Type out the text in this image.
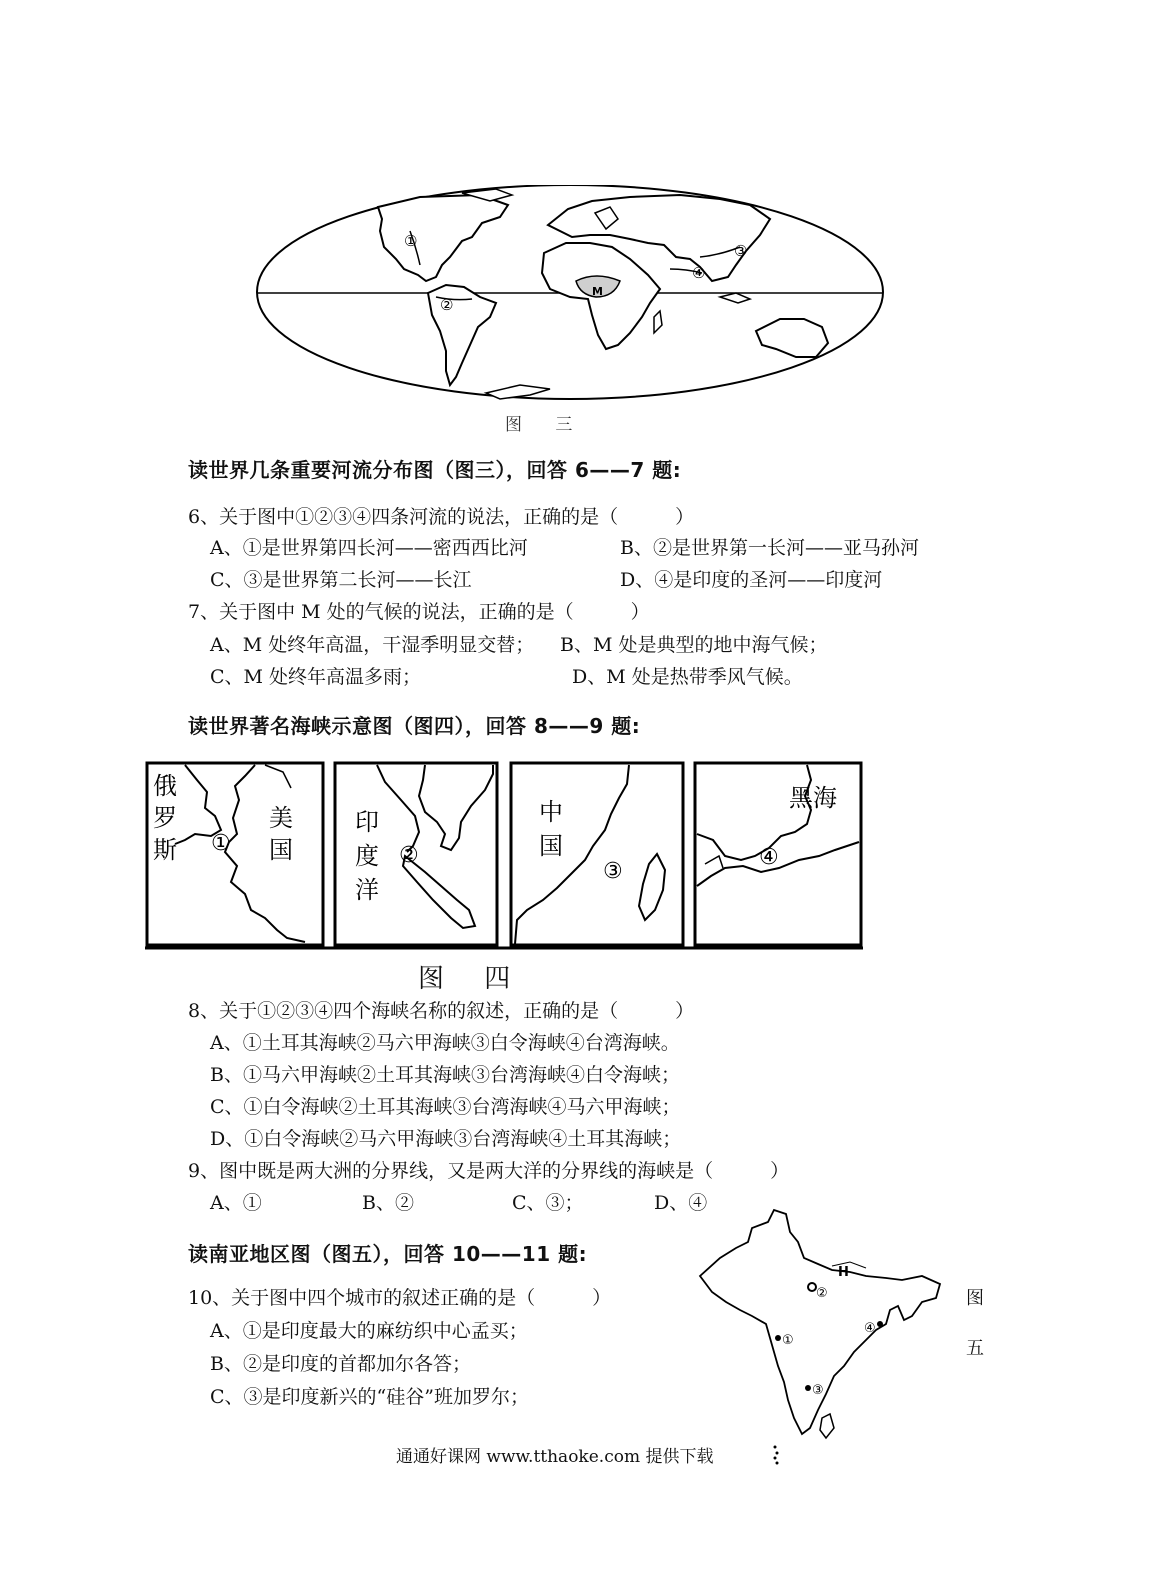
①
②
③
④
M
图 三
读世界几条重要河流分布图（图三），回答 6——7 题:
6、关于图中①②③④四条河流的说法，正确的是（　　　）
A、①是世界第四长河——密西西比河	B、②是世界第一长河——亚马孙河
C、③是世界第二长河——长江	D、④是印度的圣河——印度河
7、关于图中 M 处的气候的说法，正确的是（　　　）
A、M 处终年高温，干湿季明显交替； B、M 处是典型的地中海气候；
C、M 处终年高温多雨；	D、M 处是热带季风气候。
读世界著名海峡示意图（图四），回答 8——9 题:
俄
罗
斯
美
国
①
印
度
洋
②
中
国
③
黑海
④
图 四
8、关于①②③④四个海峡名称的叙述，正确的是（　　　）
A、①土耳其海峡②马六甲海峡③白令海峡④台湾海峡。
B、①马六甲海峡②土耳其海峡③台湾海峡④白令海峡；
C、①白令海峡②土耳其海峡③台湾海峡④马六甲海峡；
D、①白令海峡②马六甲海峡③台湾海峡④土耳其海峡；
9、图中既是两大洲的分界线，又是两大洋的分界线的海峡是（　　　）
A、①	B、②	C、③；	D、④
读南亚地区图（图五），回答 10——11 题:
10、关于图中四个城市的叙述正确的是（　　　）
A、①是印度最大的麻纺织中心孟买；
B、②是印度的首都加尔各答；
C、③是印度新兴的“硅谷”班加罗尔；
①
②
③
④
H
图
五
通通好课网 www.tthaoke.com 提供下载
